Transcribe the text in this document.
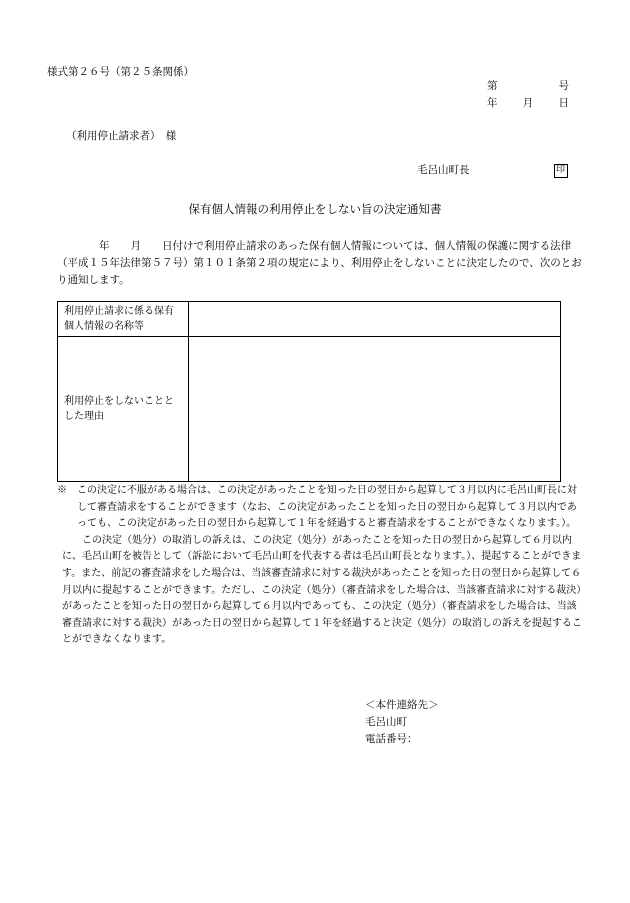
様式第２６号（第２５条関係）
第	号
年 月 日
（利用停止請求者）　様
毛呂山町長	印
保有個人情報の利用停止をしない旨の決定通知書

年　　月　　日付けで利用停止請求のあった保有個人情報については、個人情報の保護に関する法律（平成１５年法律第５７号）第１０１条第２項の規定により、利用停止をしないことに決定したので、次のとおり通知します。

利用停止請求に係る保有個人情報の名称等	
利用停止をしないこととした理由	

※　この決定に不服がある場合は、この決定があったことを知った日の翌日から起算して３月以内に毛呂山町長に対して審査請求をすることができます（なお、この決定があったことを知った日の翌日から起算して３月以内であっても、この決定があった日の翌日から起算して１年を経過すると審査請求をすることができなくなります。）。

この決定（処分）の取消しの訴えは、この決定（処分）があったことを知った日の翌日から起算して６月以内に、毛呂山町を被告として（訴訟において毛呂山町を代表する者は毛呂山町長となります。）、提起することができます。また、前記の審査請求をした場合は、当該審査請求に対する裁決があったことを知った日の翌日から起算して６月以内に提起することができます。ただし、この決定（処分）（審査請求をした場合は、当該審査請求に対する裁決）があったことを知った日の翌日から起算して６月以内であっても、この決定（処分）（審査請求をした場合は、当該審査請求に対する裁決）があった日の翌日から起算して１年を経過すると決定（処分）の取消しの訴えを提起することができなくなります。

＜本件連絡先＞
毛呂山町
電話番号：
